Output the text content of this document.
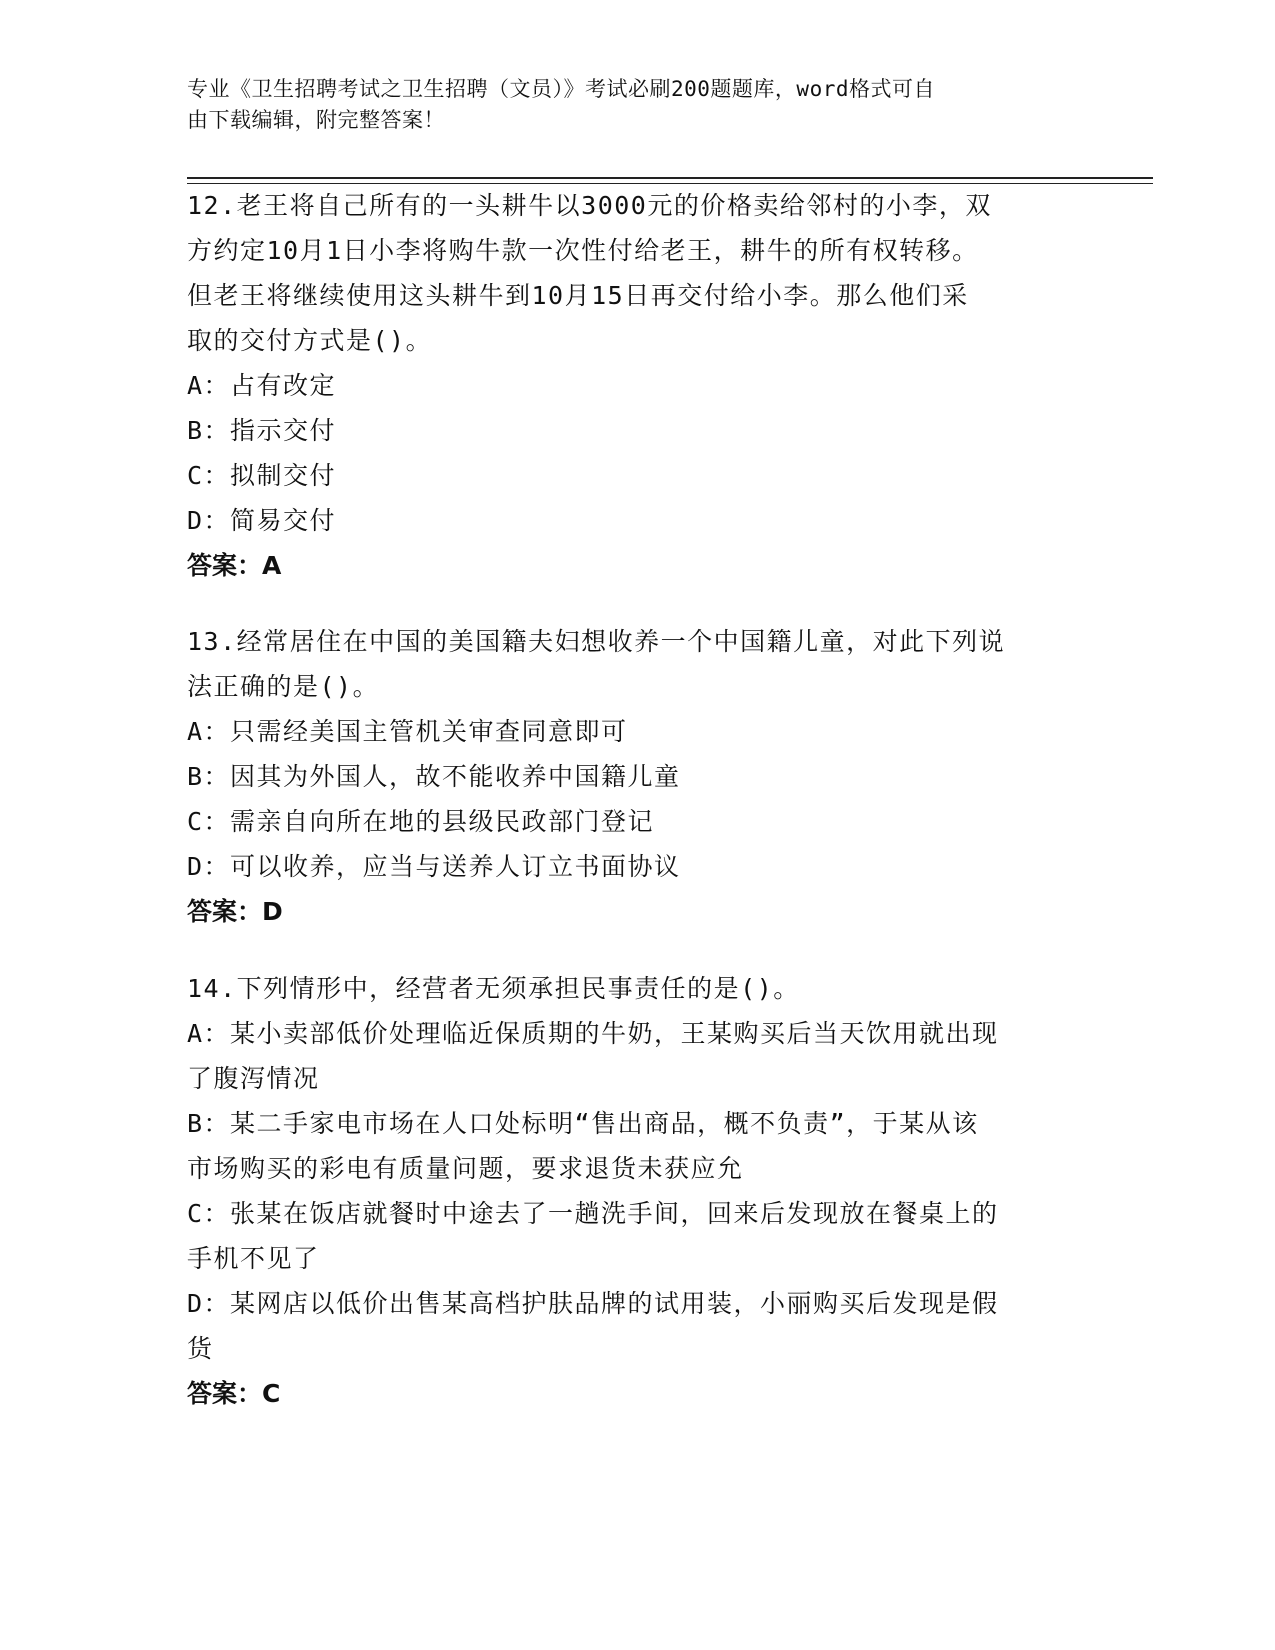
专业《卫生招聘考试之卫生招聘（文员）》考试必刷200题题库，word格式可自
由下载编辑，附完整答案！

12.老王将自己所有的一头耕牛以3000元的价格卖给邻村的小李，双

方约定10月1日小李将购牛款一次性付给老王，耕牛的所有权转移。

但老王将继续使用这头耕牛到10月15日再交付给小李。那么他们采

取的交付方式是()。

A：占有改定

B：指示交付

C：拟制交付

D：简易交付

答案：A

13.经常居住在中国的美国籍夫妇想收养一个中国籍儿童，对此下列说

法正确的是()。

A：只需经美国主管机关审查同意即可

B：因其为外国人，故不能收养中国籍儿童

C：需亲自向所在地的县级民政部门登记

D：可以收养，应当与送养人订立书面协议

答案：D

14.下列情形中，经营者无须承担民事责任的是()。

A：某小卖部低价处理临近保质期的牛奶，王某购买后当天饮用就出现

了腹泻情况

B：某二手家电市场在人口处标明“售出商品，概不负责”，于某从该

市场购买的彩电有质量问题，要求退货未获应允

C：张某在饭店就餐时中途去了一趟洗手间，回来后发现放在餐桌上的

手机不见了

D：某网店以低价出售某高档护肤品牌的试用装，小丽购买后发现是假

货

答案：C
